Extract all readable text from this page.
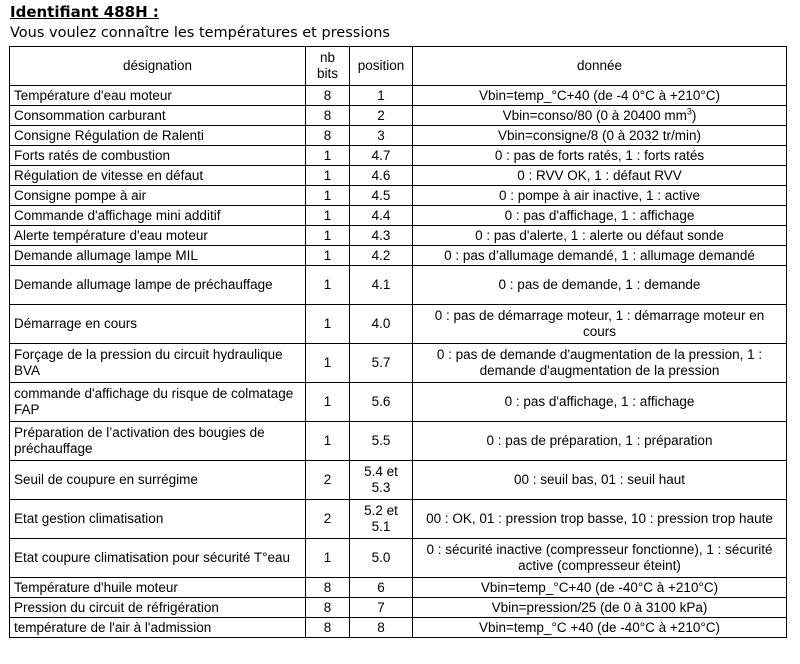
Identifiant 488H :
Vous voulez connaître les températures et pressions
désignation	nb bits	position	donnée
Température d'eau moteur	8	1	Vbin=temp_°C+40 (de -4 0°C à +210°C)
Consommation carburant	8	2	Vbin=conso/80 (0 à 20400 $mm^3$)
Consigne Régulation de Ralenti	8	3	Vbin=consigne/8 (0 à 2032 tr/min)
Forts ratés de combustion	1	4.7	0 : pas de forts ratés, 1 : forts ratés
Régulation de vitesse en défaut	1	4.6	0 : RVV OK, 1 : défaut RVV
Consigne pompe à air	1	4.5	0 : pompe à air inactive, 1 : active
Commande d'affichage mini additif	1	4.4	0 : pas d'affichage, 1 : affichage
Alerte température d'eau moteur	1	4.3	0 : pas d'alerte, 1 : alerte ou défaut sonde
Demande allumage lampe MIL	1	4.2	0 : pas d’allumage demandé, 1 : allumage demandé
Demande allumage lampe de préchauffage	1	4.1	0 : pas de demande, 1 : demande
Démarrage en cours	1	4.0	0 : pas de démarrage moteur, 1 : démarrage moteur en cours
Forçage de la pression du circuit hydraulique BVA	1	5.7	0 : pas de demande d'augmentation de la pression, 1 : demande d'augmentation de la pression
commande d'affichage du risque de colmatage FAP	1	5.6	0 : pas d'affichage, 1 : affichage
Préparation de l’activation des bougies de préchauffage	1	5.5	0 : pas de préparation, 1 : préparation
Seuil de coupure en surrégime	2	5.4 et 5.3	00 : seuil bas, 01 : seuil haut
Etat gestion climatisation	2	5.2 et 5.1	00 : OK, 01 : pression trop basse, 10 : pression trop haute
Etat coupure climatisation pour sécurité T°eau	1	5.0	0 : sécurité inactive (compresseur fonctionne), 1 : sécurité active (compresseur éteint)
Température d'huile moteur	8	6	Vbin=temp_°C+40 (de -40°C à +210°C)
Pression du circuit de réfrigération	8	7	Vbin=pression/25 (de 0 à 3100 kPa)
température de l'air à l'admission	8	8	Vbin=temp_°C +40 (de -40°C à +210°C)
